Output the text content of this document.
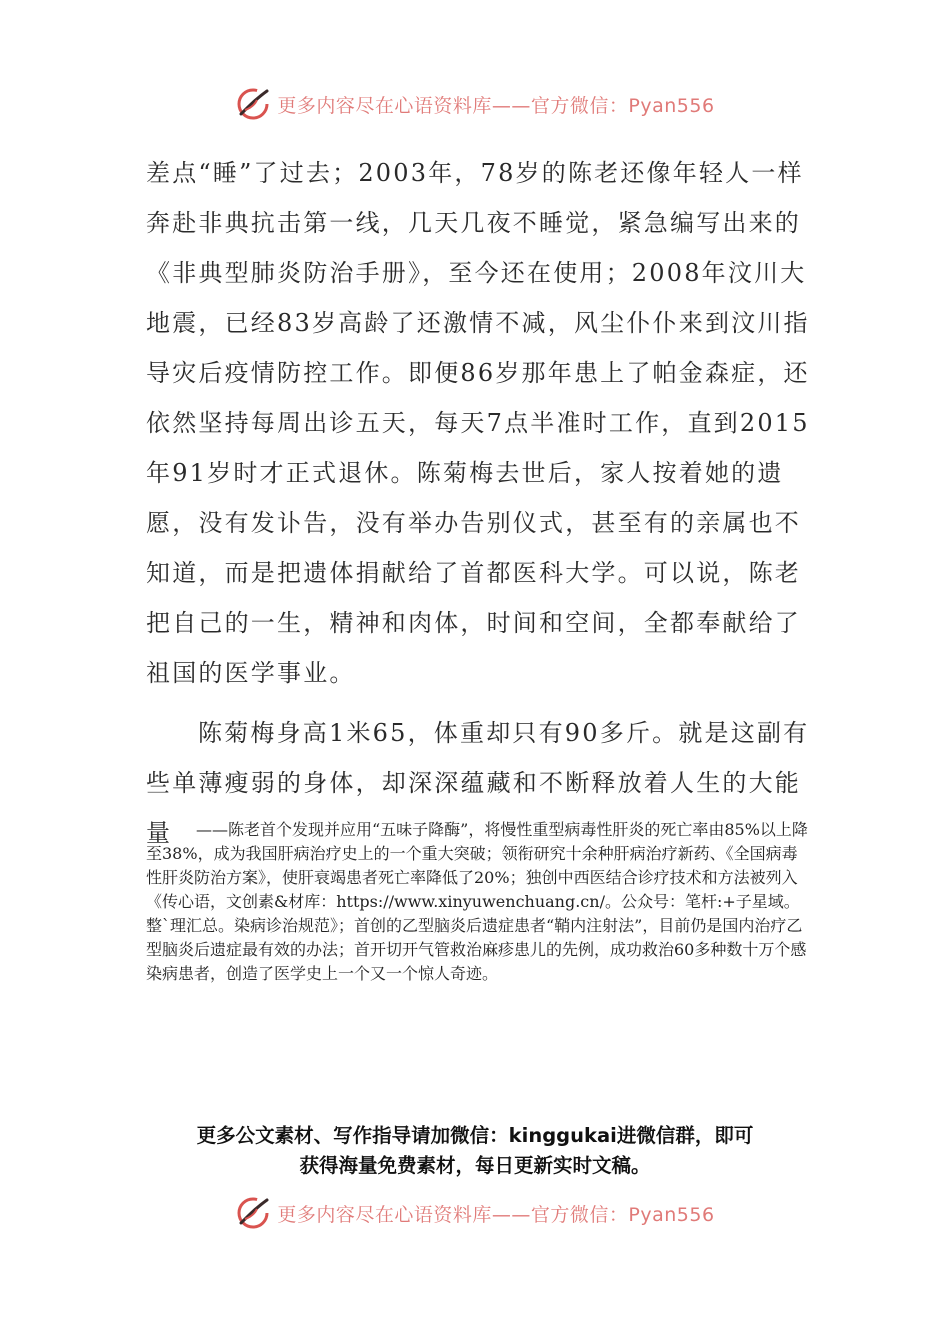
更多内容尽在心语资料库——官方微信：Pyan556

差点“睡”了过去；2003年，78岁的陈老还像年轻人一样奔赴非典抗击第一线，几天几夜不睡觉，紧急编写出来的《非典型肺炎防治手册》，至今还在使用；2008年汶川大地震，已经83岁高龄了还激情不减，风尘仆仆来到汶川指导灾后疫情防控工作。即便86岁那年患上了帕金森症，还依然坚持每周出诊五天，每天7点半准时工作，直到2015年91岁时才正式退休。陈菊梅去世后，家人按着她的遗愿，没有发讣告，没有举办告别仪式，甚至有的亲属也不知道，而是把遗体捐献给了首都医科大学。可以说，陈老把自己的一生，精神和肉体，时间和空间，全都奉献给了祖国的医学事业。

陈菊梅身高1米65，体重却只有90多斤。就是这副有些单薄瘦弱的身体，却深深蕴藏和不断释放着人生的大能量	——陈老首个发现并应用“五味子降酶”，将慢性重型病毒性肝炎的死亡率由85%以上降至38%，成为我国肝病治疗史上的一个重大突破；领衔研究十余种肝病治疗新药、《全国病毒性肝炎防治方案》，使肝衰竭患者死亡率降低了20%；独创中西医结合诊疗技术和方法被列入《传心语，文创素&材库：https://www.xinyuwenchuang.cn/。公众号：笔杆:+子星域。整`理汇总。染病诊治规范》；首创的乙型脑炎后遗症患者“鞘内注射法”，目前仍是国内治疗乙型脑炎后遗症最有效的办法；首开切开气管救治麻疹患儿的先例，成功救治60多种数十万个感染病患者，创造了医学史上一个又一个惊人奇迹。

更多公文素材、写作指导请加微信：kinggukai进微信群，即可

获得海量免费素材，每日更新实时文稿。

更多内容尽在心语资料库——官方微信：Pyan556
